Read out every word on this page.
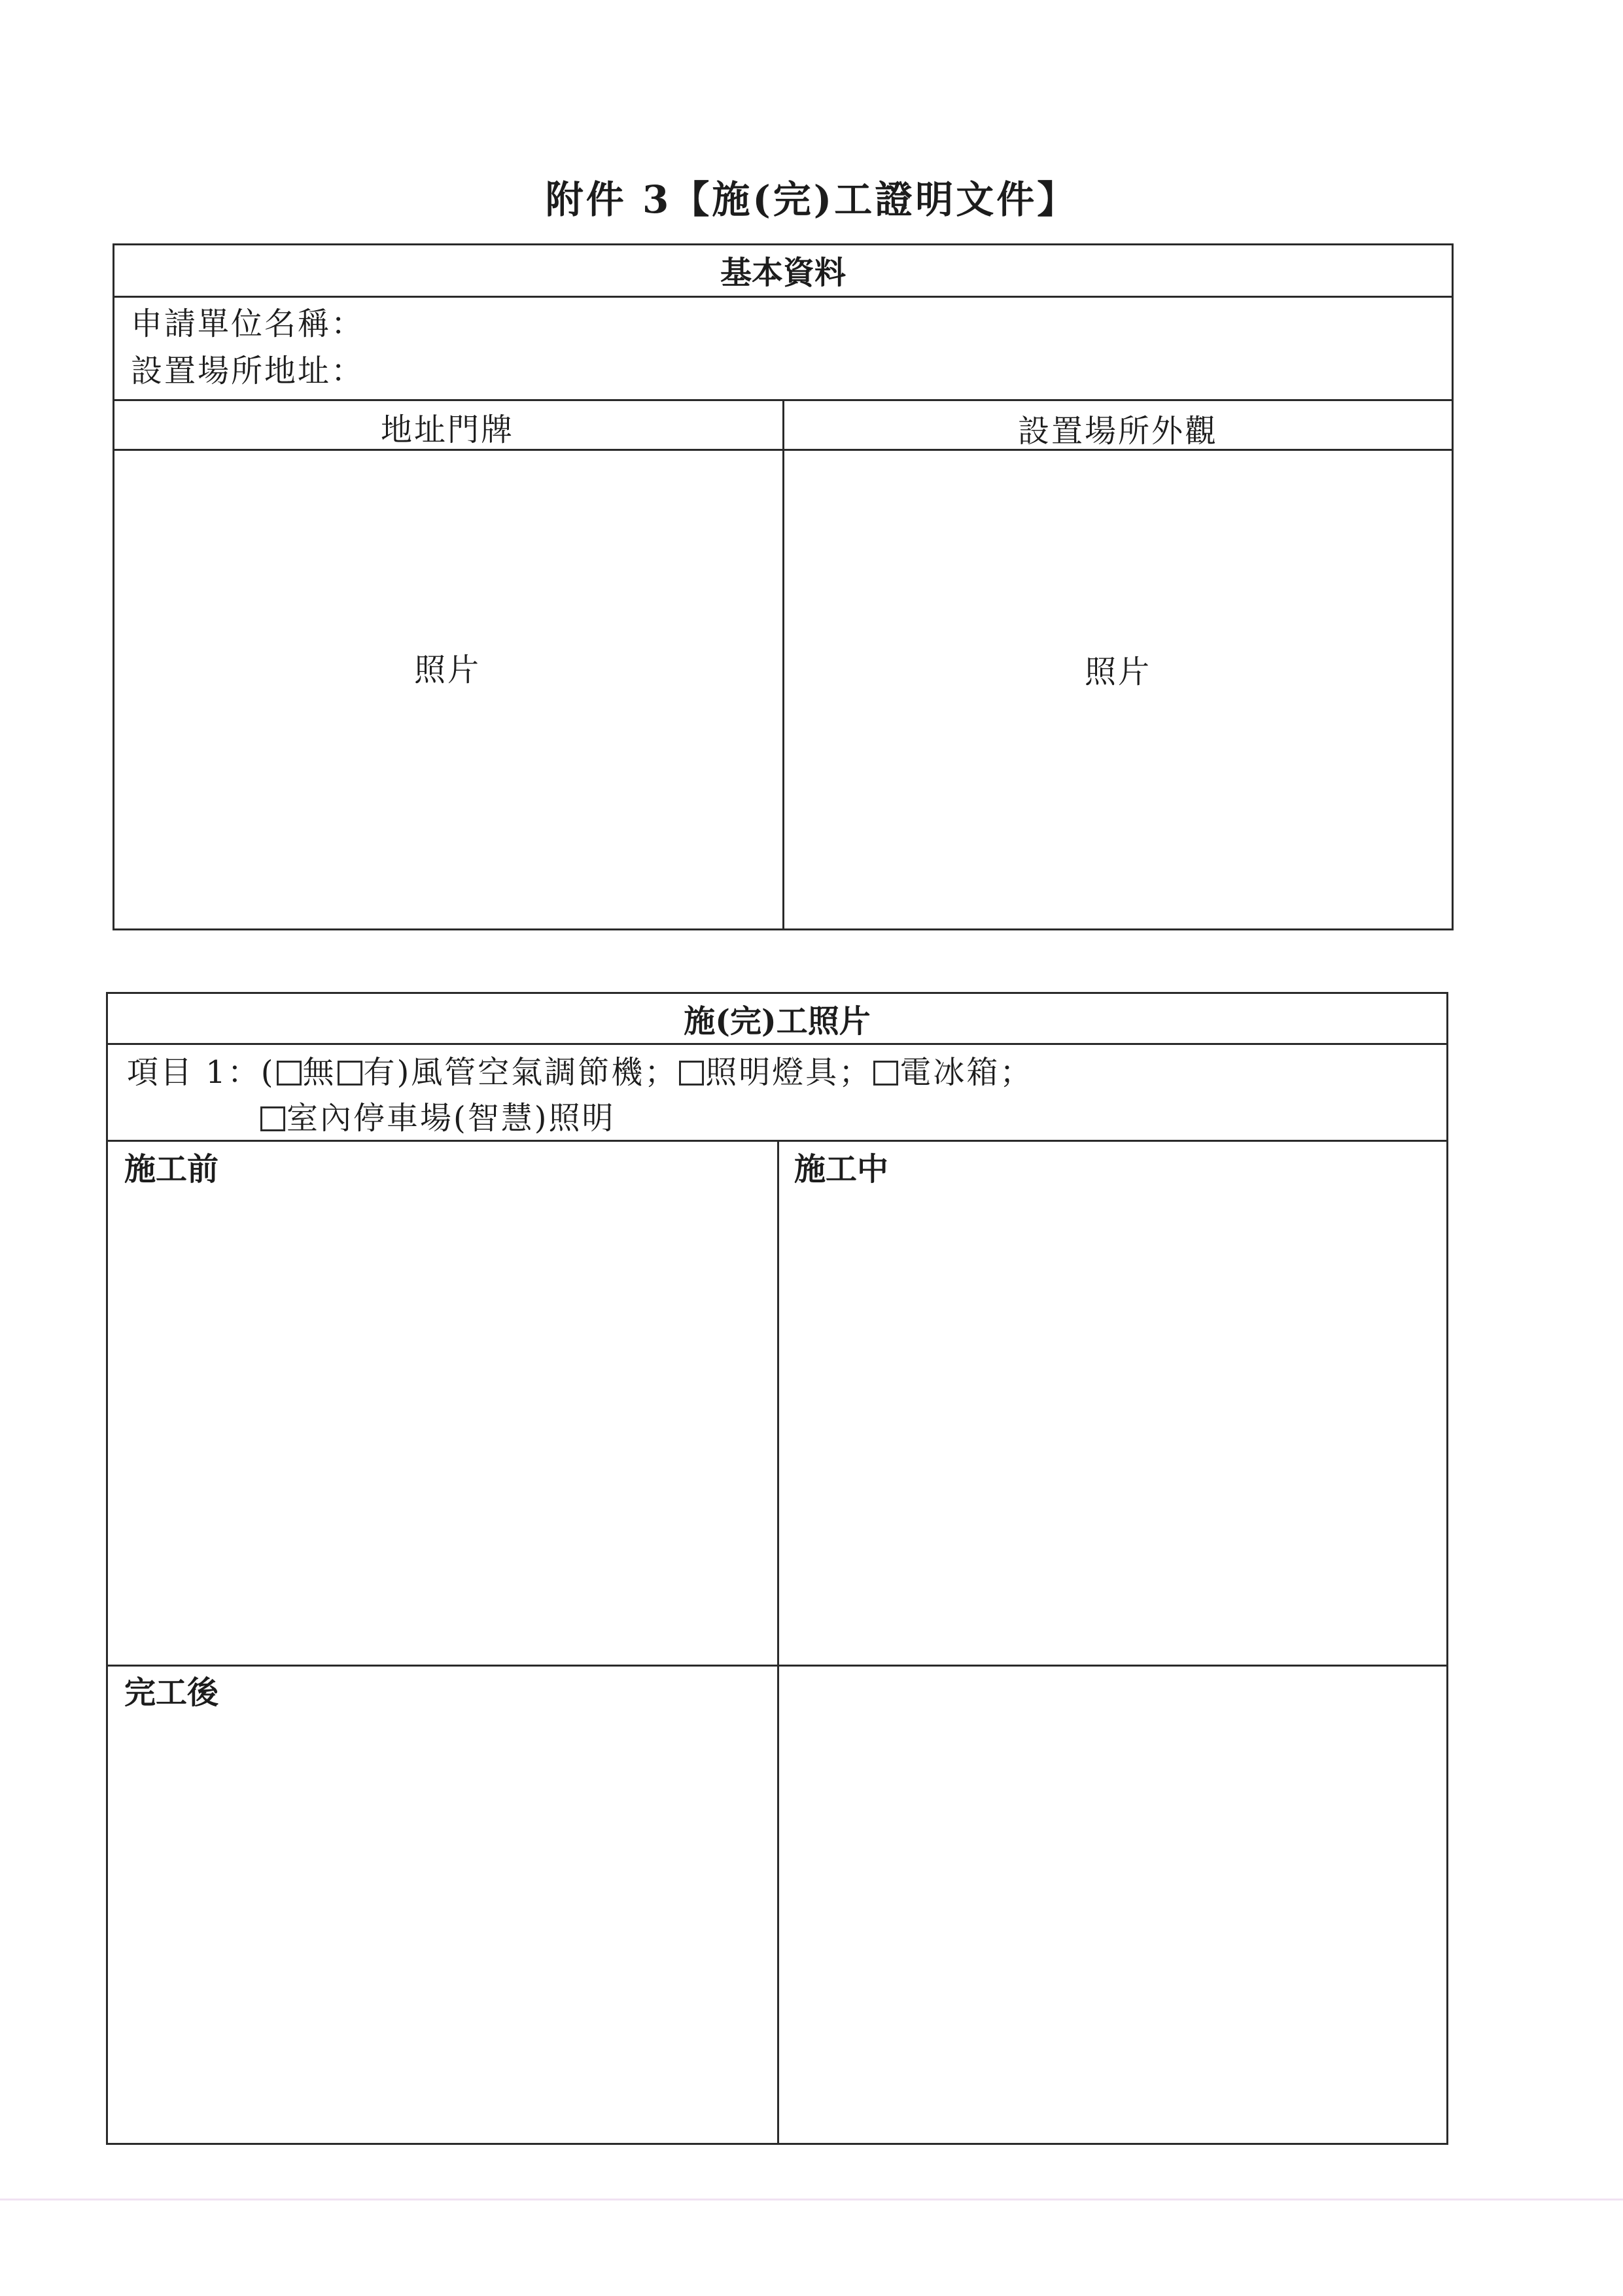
附件 3【施(完)工證明文件】
基本資料
申請單位名稱：
設置場所地址：
地址門牌	設置場所外觀
照片	照片
施(完)工照片
項目 1：( 無 有)風管空氣調節機； 照明燈具； 電冰箱；
室內停車場(智慧)照明
施工前	施工中
完工後
